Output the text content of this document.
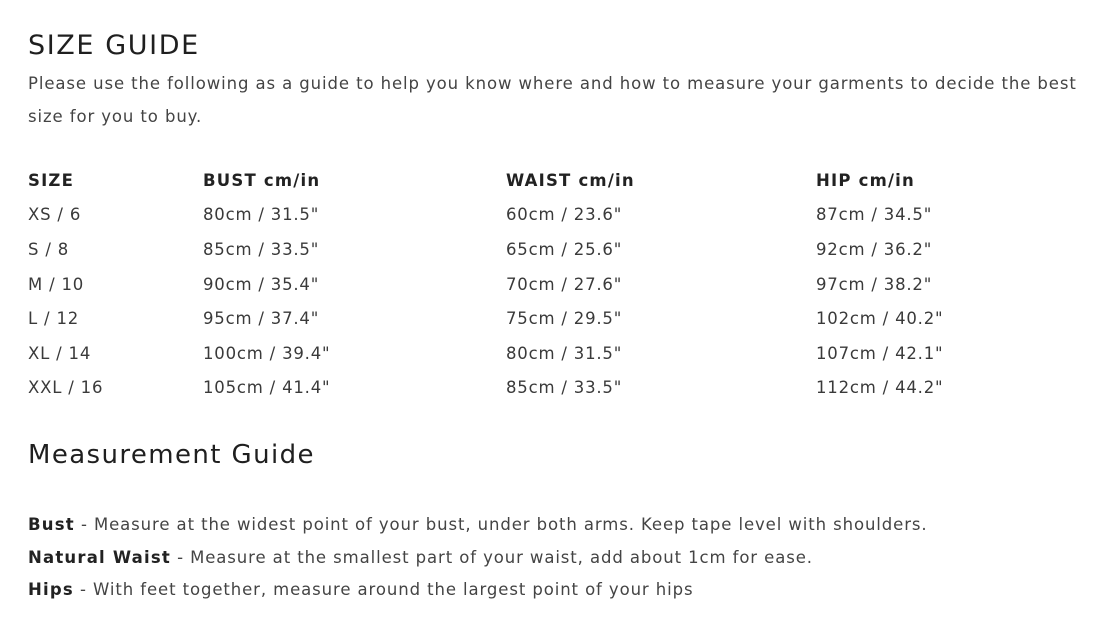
SIZE GUIDE

Please use the following as a guide to help you know where and how to measure your garments to decide the best size for you to buy.

SIZE	BUST cm/in	WAIST cm/in	HIP cm/in
XS / 6	80cm / 31.5"	60cm / 23.6"	87cm / 34.5"
S / 8	85cm / 33.5"	65cm / 25.6"	92cm / 36.2"
M / 10	90cm / 35.4"	70cm / 27.6"	97cm / 38.2"
L / 12	95cm / 37.4"	75cm / 29.5"	102cm / 40.2"
XL / 14	100cm / 39.4"	80cm / 31.5"	107cm / 42.1"
XXL / 16	105cm / 41.4"	85cm / 33.5"	112cm / 44.2"
Measurement Guide
Bust - Measure at the widest point of your bust, under both arms. Keep tape level with shoulders.
Natural Waist - Measure at the smallest part of your waist, add about 1cm for ease.
Hips - With feet together, measure around the largest point of your hips
